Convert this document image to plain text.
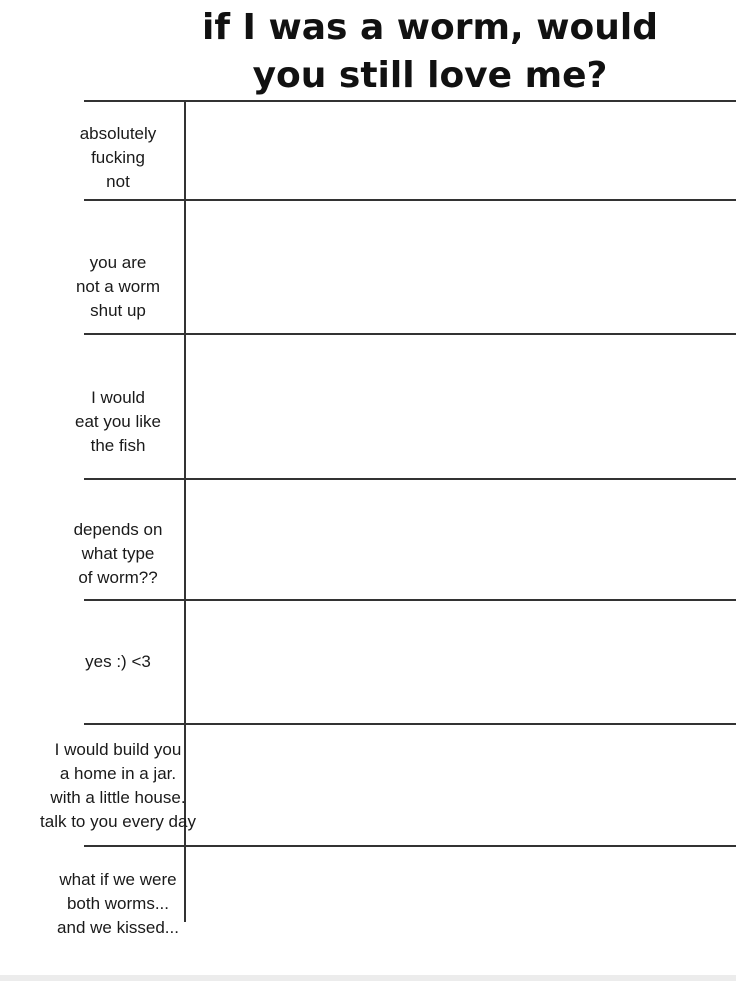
if I was a worm, would
you still love me?
absolutely
fucking
not
you are
not a worm
shut up
I would
eat you like
the fish
depends on
what type
of worm??
yes :) <3
I would build you
a home in a jar.
with a little house.
talk to you every day
what if we were
both worms...
and we kissed...
